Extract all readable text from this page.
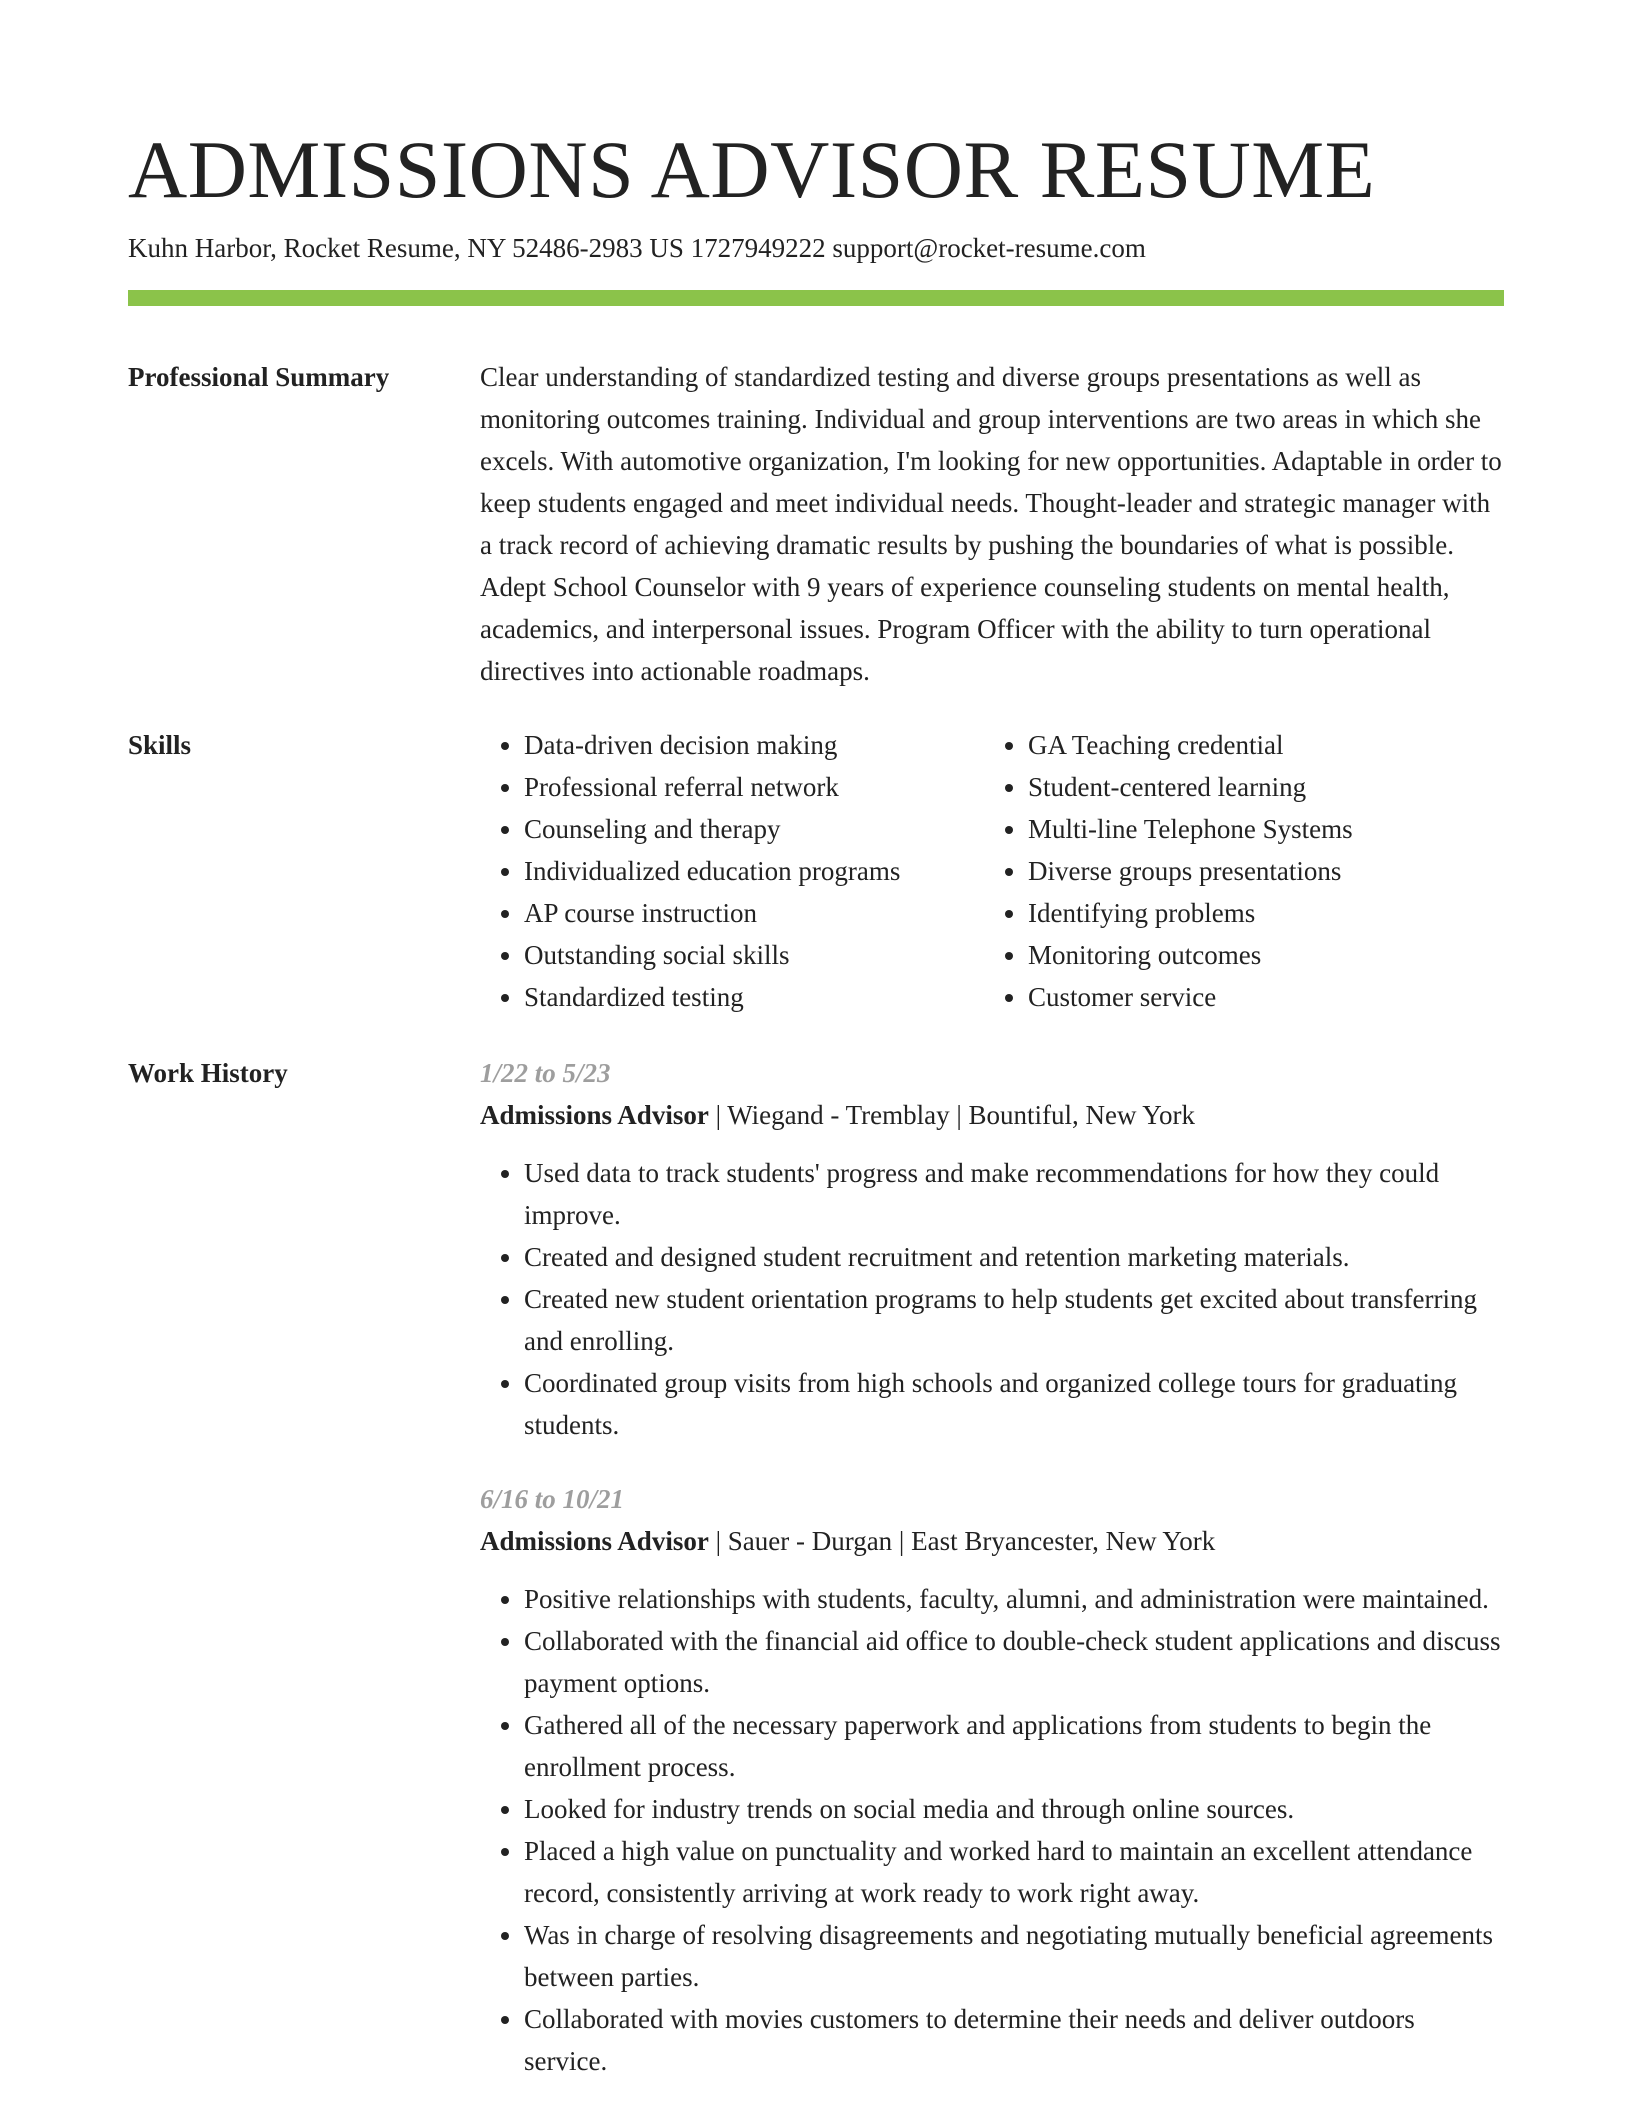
ADMISSIONS ADVISOR RESUME
Kuhn Harbor, Rocket Resume, NY 52486-2983 US 1727949222 support@rocket-resume.com
Professional Summary	Clear understanding of standardized testing and diverse groups presentations as well as monitoring outcomes training. Individual and group interventions are two areas in which she excels. With automotive organization, I'm looking for new opportunities. Adaptable in order to keep students engaged and meet individual needs. Thought-leader and strategic manager with a track record of achieving dramatic results by pushing the boundaries of what is possible. Adept School Counselor with 9 years of experience counseling students on mental health, academics, and interpersonal issues. Program Officer with the ability to turn operational directives into actionable roadmaps.
Skills
•	Data-driven decision making
• Professional referral network
• Counseling and therapy
• Individualized education programs
• AP course instruction
• Outstanding social skills
• Standardized testing
• GA Teaching credential
• Student-centered learning
• Multi-line Telephone Systems
• Diverse groups presentations
• Identifying problems
• Monitoring outcomes
• Customer service
Work History	1/22 to 5/23
Admissions Advisor | Wiegand - Tremblay | Bountiful, New York
• Used data to track students' progress and make recommendations for how they could improve.
• Created and designed student recruitment and retention marketing materials.
• Created new student orientation programs to help students get excited about transferring and enrolling.
• Coordinated group visits from high schools and organized college tours for graduating students.
6/16 to 10/21
Admissions Advisor | Sauer - Durgan | East Bryancester, New York
• Positive relationships with students, faculty, alumni, and administration were maintained.
• Collaborated with the financial aid office to double-check student applications and discuss payment options.
• Gathered all of the necessary paperwork and applications from students to begin the enrollment process.
• Looked for industry trends on social media and through online sources.
• Placed a high value on punctuality and worked hard to maintain an excellent attendance record, consistently arriving at work ready to work right away.
• Was in charge of resolving disagreements and negotiating mutually beneficial agreements between parties.
• Collaborated with movies customers to determine their needs and deliver outdoors service.
